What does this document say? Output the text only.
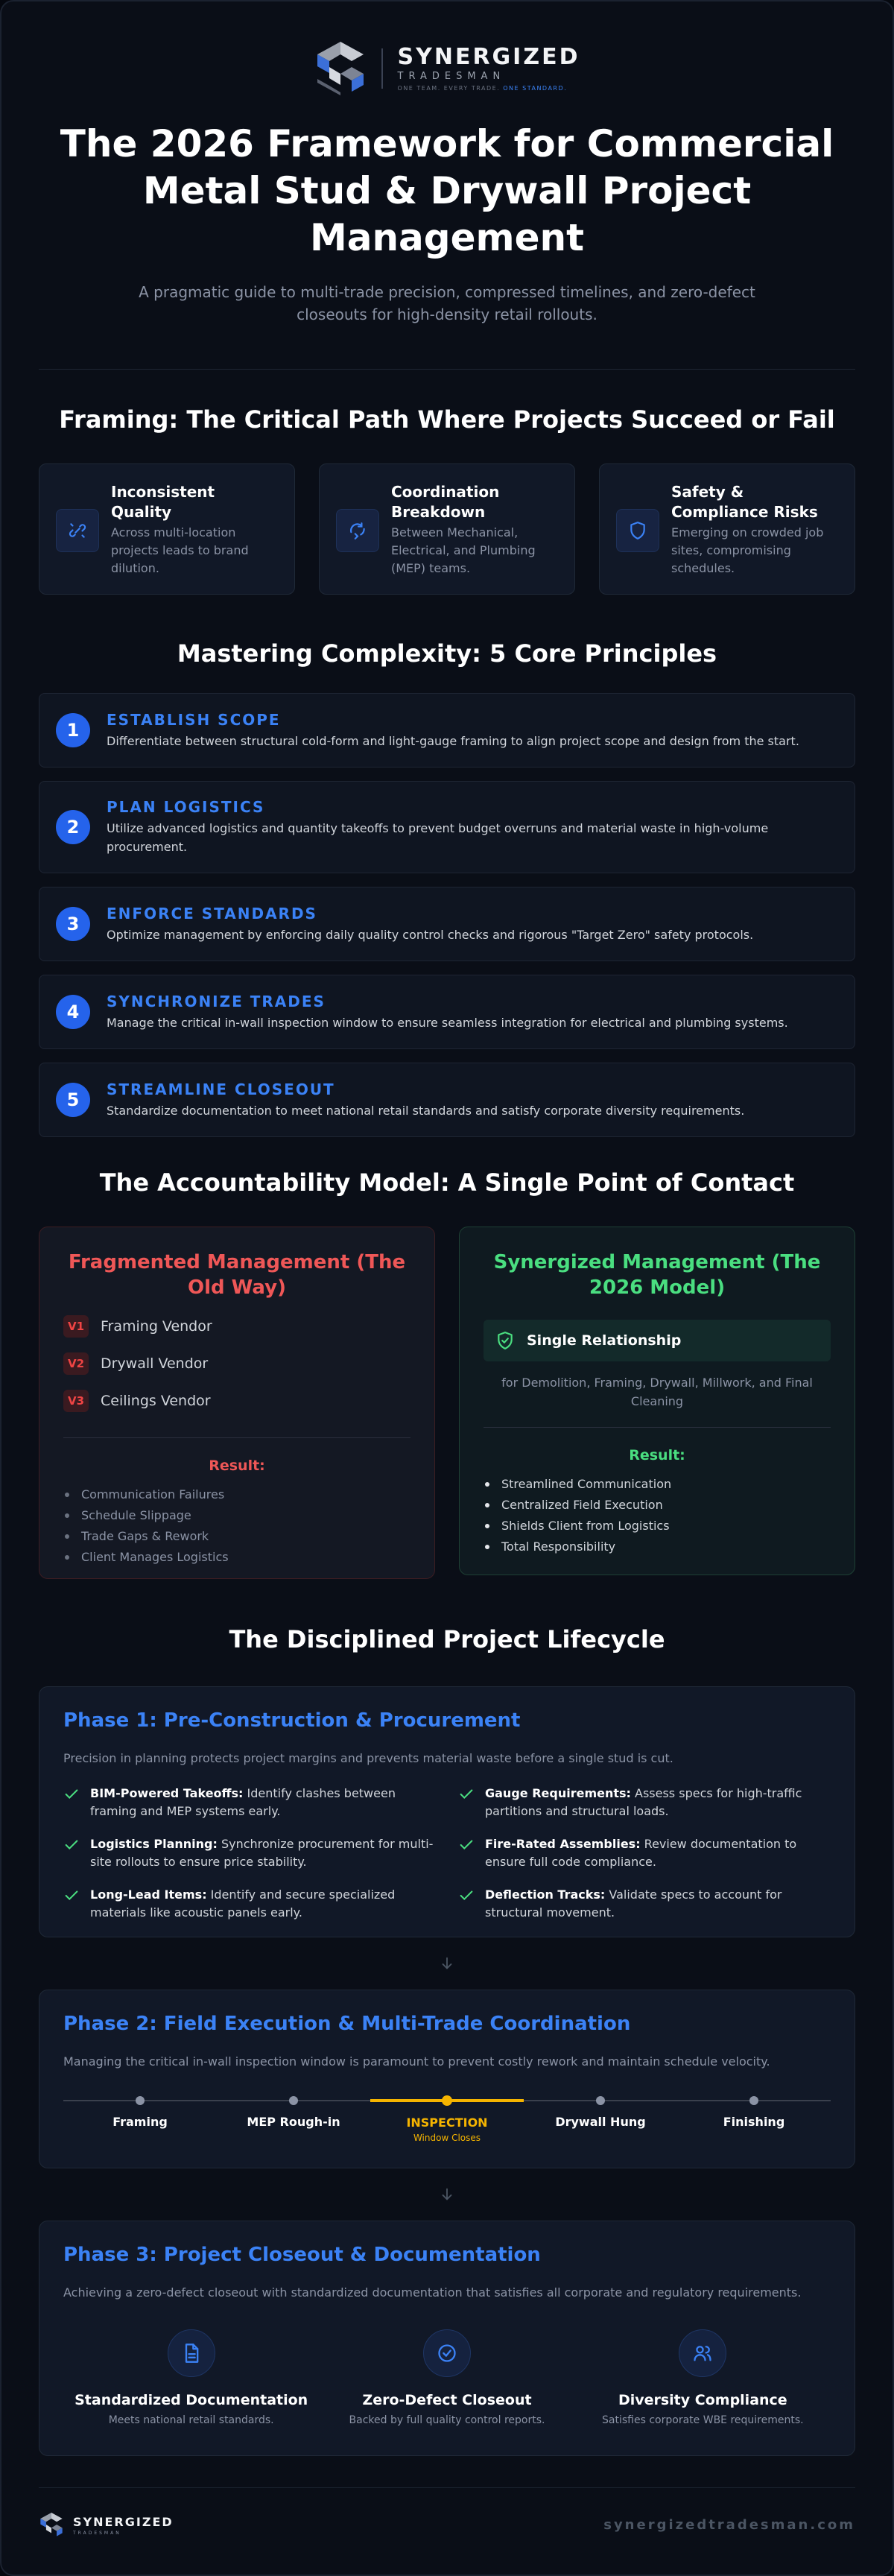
SYNERGIZED
TRADESMAN
ONE TEAM. EVERY TRADE. ONE STANDARD.
The 2026 Framework for Commercial Metal Stud & Drywall Project Management

A pragmatic guide to multi-trade precision, compressed timelines, and zero-defect closeouts for high-density retail rollouts.

Framing: The Critical Path Where Projects Succeed or Fail
Inconsistent Quality
Across multi-location projects leads to brand dilution.
Coordination Breakdown
Between Mechanical, Electrical, and Plumbing (MEP) teams.
Safety & Compliance Risks
Emerging on crowded job sites, compromising schedules.
Mastering Complexity: 5 Core Principles
1
ESTABLISH SCOPE
Differentiate between structural cold-form and light-gauge framing to align project scope and design from the start.
2
PLAN LOGISTICS
Utilize advanced logistics and quantity takeoffs to prevent budget overruns and material waste in high-volume procurement.
3
ENFORCE STANDARDS
Optimize management by enforcing daily quality control checks and rigorous "Target Zero" safety protocols.
4
SYNCHRONIZE TRADES
Manage the critical in-wall inspection window to ensure seamless integration for electrical and plumbing systems.
5
STREAMLINE CLOSEOUT
Standardize documentation to meet national retail standards and satisfy corporate diversity requirements.
The Accountability Model: A Single Point of Contact
Fragmented Management (The Old Way)
V1	Framing Vendor
V2	Drywall Vendor
V3	Ceilings Vendor
Result:
Communication Failures
Schedule Slippage
Trade Gaps & Rework
Client Manages Logistics
Synergized Management (The 2026 Model)
Single Relationship
for Demolition, Framing, Drywall, Millwork, and Final Cleaning
Result:
Streamlined Communication
Centralized Field Execution
Shields Client from Logistics
Total Responsibility
The Disciplined Project Lifecycle
Phase 1: Pre-Construction & Procurement
Precision in planning protects project margins and prevents material waste before a single stud is cut.
BIM-Powered Takeoffs: Identify clashes between framing and MEP systems early.
Gauge Requirements: Assess specs for high-traffic partitions and structural loads.
Logistics Planning: Synchronize procurement for multi-site rollouts to ensure price stability.
Fire-Rated Assemblies: Review documentation to ensure full code compliance.
Long-Lead Items: Identify and secure specialized materials like acoustic panels early.
Deflection Tracks: Validate specs to account for structural movement.
Phase 2: Field Execution & Multi-Trade Coordination
Managing the critical in-wall inspection window is paramount to prevent costly rework and maintain schedule velocity.
Framing	MEP Rough-in	INSPECTION
Window Closes
Drywall Hung	Finishing
Phase 3: Project Closeout & Documentation
Achieving a zero-defect closeout with standardized documentation that satisfies all corporate and regulatory requirements.
Standardized Documentation
Meets national retail standards.
Zero-Defect Closeout
Backed by full quality control reports.
Diversity Compliance
Satisfies corporate WBE requirements.
SYNERGIZED
TRADESMAN	synergizedtradesman.com
